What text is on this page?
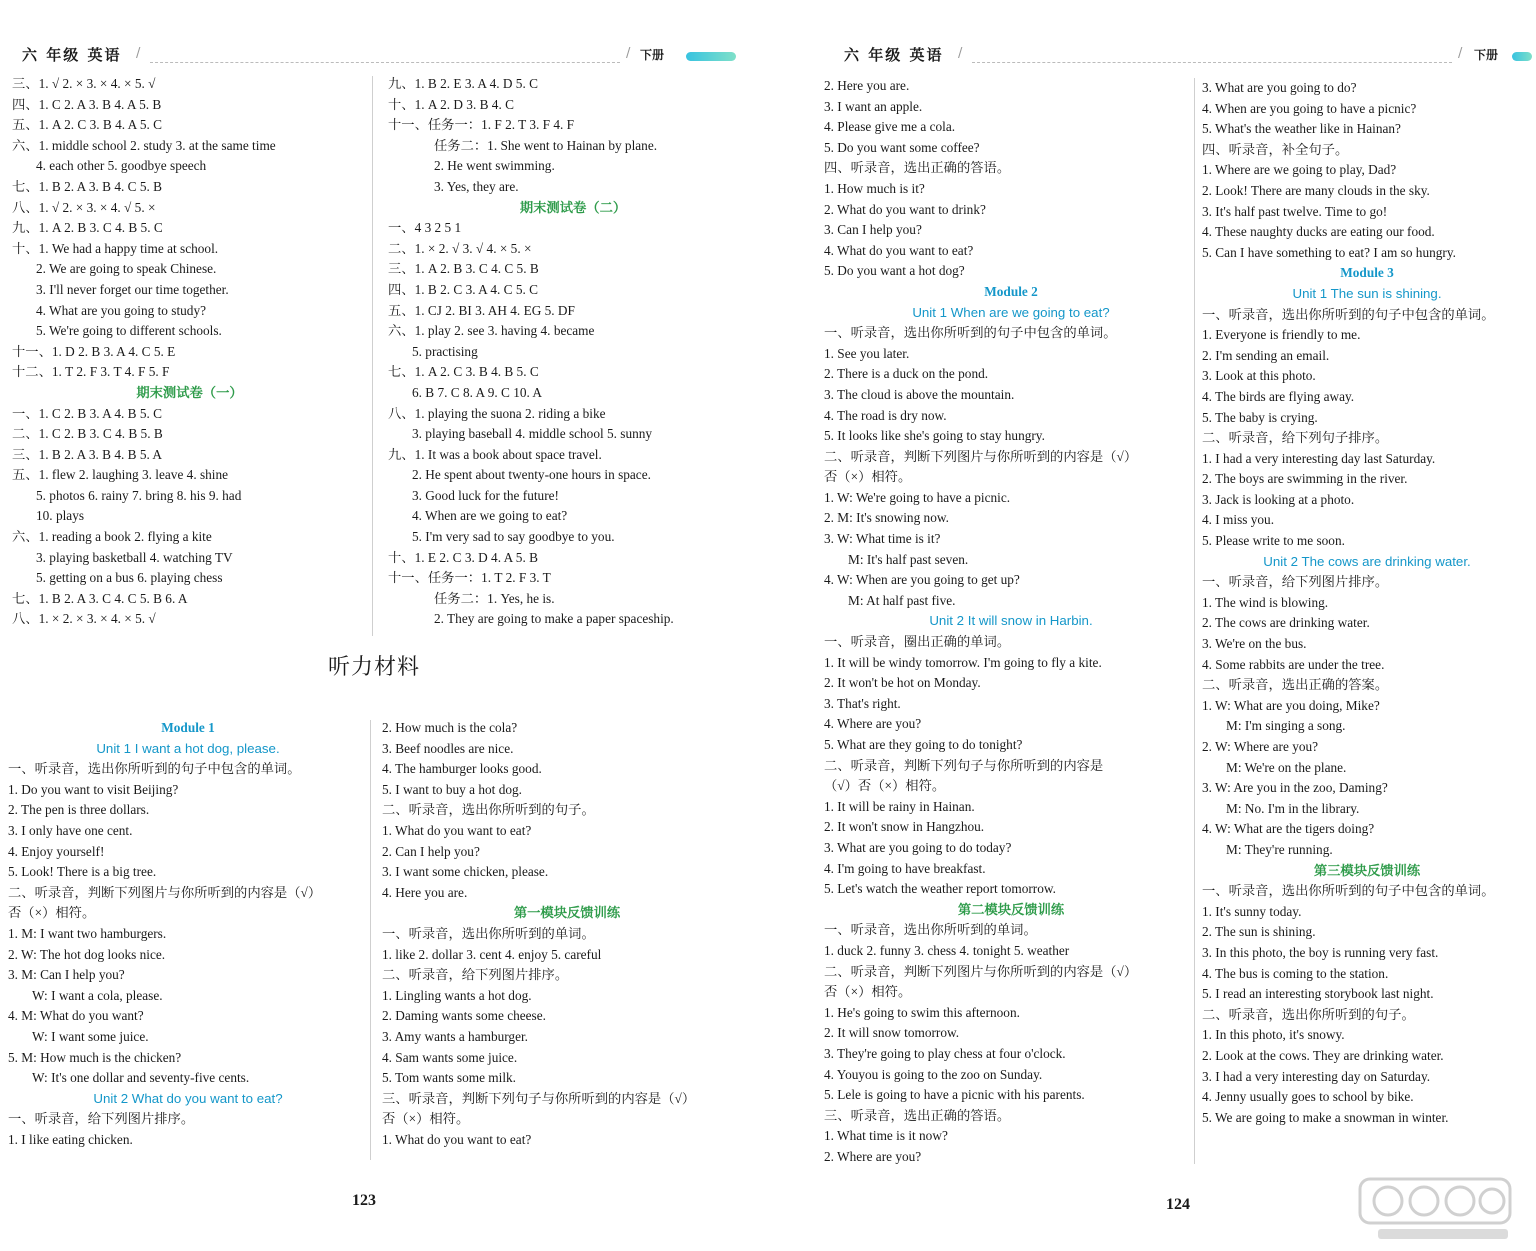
六 年级 英语 /	/ 下册
三、1. √ 2. × 3. × 4. × 5. √
四、1. C 2. A 3. B 4. A 5. B
五、1. A 2. C 3. B 4. A 5. C
六、1. middle school 2. study 3. at the same time
4. each other 5. goodbye speech
七、1. B 2. A 3. B 4. C 5. B
八、1. √ 2. × 3. × 4. √ 5. ×
九、1. A 2. B 3. C 4. B 5. C
十、1. We had a happy time at school.
2. We are going to speak Chinese.
3. I'll never forget our time together.
4. What are you going to study?
5. We're going to different schools.
十一、1. D 2. B 3. A 4. C 5. E
十二、1. T 2. F 3. T 4. F 5. F
期末测试卷（一）
一、1. C 2. B 3. A 4. B 5. C
二、1. C 2. B 3. C 4. B 5. B
三、1. B 2. A 3. B 4. B 5. A
五、1. flew 2. laughing 3. leave 4. shine
5. photos 6. rainy 7. bring 8. his 9. had
10. plays
六、1. reading a book 2. flying a kite
3. playing basketball 4. watching TV
5. getting on a bus 6. playing chess
七、1. B 2. A 3. C 4. C 5. B 6. A
八、1. × 2. × 3. × 4. × 5. √
九、1. B 2. E 3. A 4. D 5. C
十、1. A 2. D 3. B 4. C
十一、任务一：1. F 2. T 3. F 4. F
任务二：1. She went to Hainan by plane.
2. He went swimming.
3. Yes, they are.
期末测试卷（二）
一、4 3 2 5 1
二、1. × 2. √ 3. √ 4. × 5. ×
三、1. A 2. B 3. C 4. C 5. B
四、1. B 2. C 3. A 4. C 5. C
五、1. CJ 2. BI 3. AH 4. EG 5. DF
六、1. play 2. see 3. having 4. became
5. practising
七、1. A 2. C 3. B 4. B 5. C
6. B 7. C 8. A 9. C 10. A
八、1. playing the suona 2. riding a bike
3. playing baseball 4. middle school 5. sunny
九、1. It was a book about space travel.
2. He spent about twenty-one hours in space.
3. Good luck for the future!
4. When are we going to eat?
5. I'm very sad to say goodbye to you.
十、1. E 2. C 3. D 4. A 5. B
十一、任务一：1. T 2. F 3. T
任务二：1. Yes, he is.
2. They are going to make a paper spaceship.
听力材料
Module 1
Unit 1 I want a hot dog, please.
一、听录音，选出你所听到的句子中包含的单词。
1. Do you want to visit Beijing?
2. The pen is three dollars.
3. I only have one cent.
4. Enjoy yourself!
5. Look! There is a big tree.
二、听录音，判断下列图片与你所听到的内容是（√）
否（×）相符。
1. M: I want two hamburgers.
2. W: The hot dog looks nice.
3. M: Can I help you?
W: I want a cola, please.
4. M: What do you want?
W: I want some juice.
5. M: How much is the chicken?
W: It's one dollar and seventy-five cents.
Unit 2 What do you want to eat?
一、听录音，给下列图片排序。
1. I like eating chicken.
2. How much is the cola?
3. Beef noodles are nice.
4. The hamburger looks good.
5. I want to buy a hot dog.
二、听录音，选出你所听到的句子。
1. What do you want to eat?
2. Can I help you?
3. I want some chicken, please.
4. Here you are.
第一模块反馈训练
一、听录音，选出你所听到的单词。
1. like 2. dollar 3. cent 4. enjoy 5. careful
二、听录音，给下列图片排序。
1. Lingling wants a hot dog.
2. Daming wants some cheese.
3. Amy wants a hamburger.
4. Sam wants some juice.
5. Tom wants some milk.
三、听录音，判断下列句子与你所听到的内容是（√）
否（×）相符。
1. What do you want to eat?
123
六 年级 英语 /	/ 下册
2. Here you are.
3. I want an apple.
4. Please give me a cola.
5. Do you want some coffee?
四、听录音，选出正确的答语。
1. How much is it?
2. What do you want to drink?
3. Can I help you?
4. What do you want to eat?
5. Do you want a hot dog?
Module 2
Unit 1 When are we going to eat?
一、听录音，选出你所听到的句子中包含的单词。
1. See you later.
2. There is a duck on the pond.
3. The cloud is above the mountain.
4. The road is dry now.
5. It looks like she's going to stay hungry.
二、听录音，判断下列图片与你所听到的内容是（√）
否（×）相符。
1. W: We're going to have a picnic.
2. M: It's snowing now.
3. W: What time is it?
M: It's half past seven.
4. W: When are you going to get up?
M: At half past five.
Unit 2 It will snow in Harbin.
一、听录音，圈出正确的单词。
1. It will be windy tomorrow. I'm going to fly a kite.
2. It won't be hot on Monday.
3. That's right.
4. Where are you?
5. What are they going to do tonight?
二、听录音，判断下列句子与你所听到的内容是
（√）否（×）相符。
1. It will be rainy in Hainan.
2. It won't snow in Hangzhou.
3. What are you going to do today?
4. I'm going to have breakfast.
5. Let's watch the weather report tomorrow.
第二模块反馈训练
一、听录音，选出你所听到的单词。
1. duck 2. funny 3. chess 4. tonight 5. weather
二、听录音，判断下列图片与你所听到的内容是（√）
否（×）相符。
1. He's going to swim this afternoon.
2. It will snow tomorrow.
3. They're going to play chess at four o'clock.
4. Youyou is going to the zoo on Sunday.
5. Lele is going to have a picnic with his parents.
三、听录音，选出正确的答语。
1. What time is it now?
2. Where are you?
3. What are you going to do?
4. When are you going to have a picnic?
5. What's the weather like in Hainan?
四、听录音，补全句子。
1. Where are we going to play, Dad?
2. Look! There are many clouds in the sky.
3. It's half past twelve. Time to go!
4. These naughty ducks are eating our food.
5. Can I have something to eat? I am so hungry.
Module 3
Unit 1 The sun is shining.
一、听录音，选出你所听到的句子中包含的单词。
1. Everyone is friendly to me.
2. I'm sending an email.
3. Look at this photo.
4. The birds are flying away.
5. The baby is crying.
二、听录音，给下列句子排序。
1. I had a very interesting day last Saturday.
2. The boys are swimming in the river.
3. Jack is looking at a photo.
4. I miss you.
5. Please write to me soon.
Unit 2 The cows are drinking water.
一、听录音，给下列图片排序。
1. The wind is blowing.
2. The cows are drinking water.
3. We're on the bus.
4. Some rabbits are under the tree.
二、听录音，选出正确的答案。
1. W: What are you doing, Mike?
M: I'm singing a song.
2. W: Where are you?
M: We're on the plane.
3. W: Are you in the zoo, Daming?
M: No. I'm in the library.
4. W: What are the tigers doing?
M: They're running.
第三模块反馈训练
一、听录音，选出你所听到的句子中包含的单词。
1. It's sunny today.
2. The sun is shining.
3. In this photo, the boy is running very fast.
4. The bus is coming to the station.
5. I read an interesting storybook last night.
二、听录音，选出你所听到的句子。
1. In this photo, it's snowy.
2. Look at the cows. They are drinking water.
3. I had a very interesting day on Saturday.
4. Jenny usually goes to school by bike.
5. We are going to make a snowman in winter.
124
